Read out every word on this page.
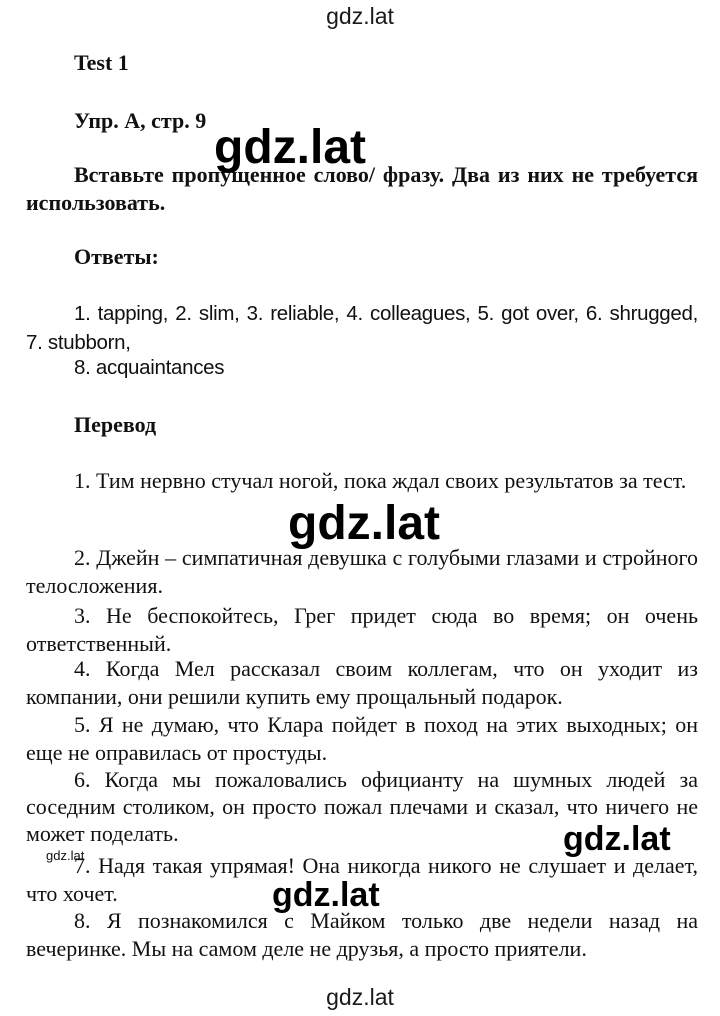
gdz.lat
Test 1
Упр. А, стр. 9

Вставьте пропущенное слово/ фразу. Два из них не требуется использовать.

Ответы:

1. tapping, 2. slim, 3. reliable, 4. colleagues, 5. got over, 6. shrugged, 7. stubborn,

8. acquaintances
Перевод

1. Тим нервно стучал ногой, пока ждал своих результатов за тест.

2. Джейн – симпатичная девушка с голубыми глазами и стройного телосложения.

3. Не беспокойтесь, Грег придет сюда во время; он очень ответственный.

4. Когда Мел рассказал своим коллегам, что он уходит из компании, они решили купить ему прощальный подарок.

5. Я не думаю, что Клара пойдет в поход на этих выходных; он еще не оправилась от простуды.

6. Когда мы пожаловались официанту на шумных людей за соседним столиком, он просто пожал плечами и сказал, что ничего не может поделать.

7. Надя такая упрямая! Она никогда никого не слушает и делает, что хочет.

8. Я познакомился с Майком только две недели назад на вечеринке. Мы на самом деле не друзья, а просто приятели.

gdz.lat
gdz.lat
gdz.lat
gdz.lat
gdz.lat
gdz.lat
